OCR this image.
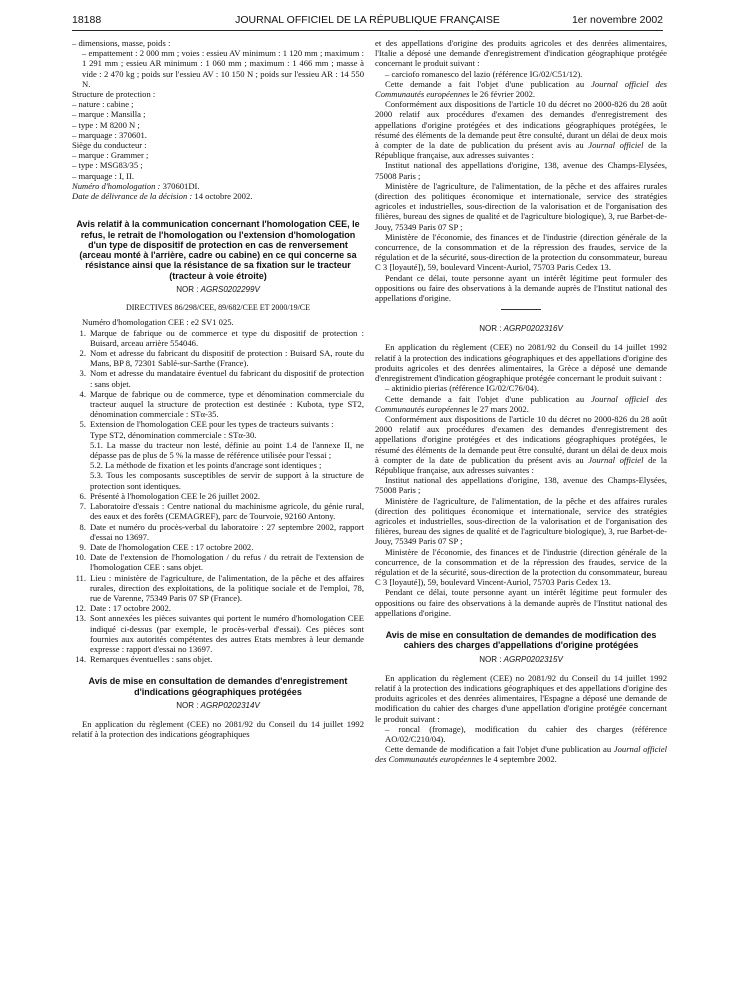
18188	JOURNAL OFFICIEL DE LA RÉPUBLIQUE FRANÇAISE	1er novembre 2002

– dimensions, masse, poids :

– empattement : 2 000 mm ; voies : essieu AV minimum : 1 120 mm ; maximum : 1 291 mm ; essieu AR minimum : 1 060 mm ; maximum : 1 466 mm ; masse à vide : 2 470 kg ; poids sur l'essieu AV : 10 150 N ; poids sur l'essieu AR : 14 550 N.

Structure de protection :

– nature : cabine ;

– marque : Mansilla ;

– type : M 8200 N ;

– marquage : 370601.

Siège du conducteur :

– marque : Grammer ;

– type : MSG83/35 ;

– marquage : I, II.

Numéro d'homologation : 370601DI.

Date de délivrance de la décision : 14 octobre 2002.

Avis relatif à la communication concernant l'homologation CEE, le refus, le retrait de l'homologation ou l'extension d'homologation d'un type de dispositif de protection en cas de renversement (arceau monté à l'arrière, cadre ou cabine) en ce qui concerne sa résistance ainsi que la résistance de sa fixation sur le tracteur (tracteur à voie étroite)

NOR : AGRS0202299V

DIRECTIVES 86/298/CEE, 89/682/CEE ET 2000/19/CE

Numéro d'homologation CEE : e2 SV1 025.

1. Marque de fabrique ou de commerce et type du dispositif de protection : Buisard, arceau arrière 554046.
2. Nom et adresse du fabricant du dispositif de protection : Buisard SA, route du Mans, BP 8, 72301 Sablé-sur-Sarthe (France).
3. Nom et adresse du mandataire éventuel du fabricant du dispositif de protection : sans objet.
4. Marque de fabrique ou de commerce, type et dénomination commerciale du tracteur auquel la structure de protection est destinée : Kubota, type ST2, dénomination commerciale : STα-35.
5. Extension de l'homologation CEE pour les types de tracteurs suivants :

Type ST2, dénomination commerciale : STα-30.

5.1. La masse du tracteur non lesté, définie au point 1.4 de l'annexe II, ne dépasse pas de plus de 5 % la masse de référence utilisée pour l'essai ;

5.2. La méthode de fixation et les points d'ancrage sont identiques ;

5.3. Tous les composants susceptibles de servir de support à la structure de protection sont identiques.

6. Présenté à l'homologation CEE le 26 juillet 2002.
7. Laboratoire d'essais : Centre national du machinisme agricole, du génie rural, des eaux et des forêts (CEMAGREF), parc de Tourvoie, 92160 Antony.
8. Date et numéro du procès-verbal du laboratoire : 27 septembre 2002, rapport d'essai no 13697.
9. Date de l'homologation CEE : 17 octobre 2002.
10. Date de l'extension de l'homologation / du refus / du retrait de l'extension de l'homologation CEE : sans objet.
11. Lieu : ministère de l'agriculture, de l'alimentation, de la pêche et des affaires rurales, direction des exploitations, de la politique sociale et de l'emploi, 78, rue de Varenne, 75349 Paris 07 SP (France).
12. Date : 17 octobre 2002.
13. Sont annexées les pièces suivantes qui portent le numéro d'homologation CEE indiqué ci-dessus (par exemple, le procès-verbal d'essai). Ces pièces sont fournies aux autorités compétentes des autres Etats membres à leur demande expresse : rapport d'essai no 13697.
14. Remarques éventuelles : sans objet.

Avis de mise en consultation de demandes d'enregistrement d'indications géographiques protégées

NOR : AGRP0202314V

En application du règlement (CEE) no 2081/92 du Conseil du 14 juillet 1992 relatif à la protection des indications géographiques

et des appellations d'origine des produits agricoles et des denrées alimentaires, l'Italie a déposé une demande d'enregistrement d'indication géographique protégée concernant le produit suivant :

– carciofo romanesco del lazio (référence IG/02/C51/12).

Cette demande a fait l'objet d'une publication au Journal officiel des Communautés européennes le 26 février 2002.

Conformément aux dispositions de l'article 10 du décret no 2000-826 du 28 août 2000 relatif aux procédures d'examen des demandes d'enregistrement des appellations d'origine protégées et des indications géographiques protégées, le résumé des éléments de la demande peut être consulté, durant un délai de deux mois à compter de la date de publication du présent avis au Journal officiel de la République française, aux adresses suivantes :

Institut national des appellations d'origine, 138, avenue des Champs-Elysées, 75008 Paris ;

Ministère de l'agriculture, de l'alimentation, de la pêche et des affaires rurales (direction des politiques économique et internationale, service des stratégies agricoles et industrielles, sous-direction de la valorisation et de l'organisation des filières, bureau des signes de qualité et de l'agriculture biologique), 3, rue Barbet-de-Jouy, 75349 Paris 07 SP ;

Ministère de l'économie, des finances et de l'industrie (direction générale de la concurrence, de la consommation et de la répression des fraudes, service de la régulation et de la sécurité, sous-direction de la protection du consommateur, bureau C 3 [loyauté]), 59, boulevard Vincent-Auriol, 75703 Paris Cedex 13.

Pendant ce délai, toute personne ayant un intérêt légitime peut formuler des oppositions ou faire des observations à la demande auprès de l'Institut national des appellations d'origine.

NOR : AGRP0202316V

En application du règlement (CEE) no 2081/92 du Conseil du 14 juillet 1992 relatif à la protection des indications géographiques et des appellations d'origine des produits agricoles et des denrées alimentaires, la Grèce a déposé une demande d'enregistrement d'indication géographique protégée concernant le produit suivant :

– aktinidio pierias (référence IG/02/C76/04).

Cette demande a fait l'objet d'une publication au Journal officiel des Communautés européennes le 27 mars 2002.

Conformément aux dispositions de l'article 10 du décret no 2000-826 du 28 août 2000 relatif aux procédures d'examen des demandes d'enregistrement des appellations d'origine protégées et des indications géographiques protégées, le résumé des éléments de la demande peut être consulté, durant un délai de deux mois à compter de la date de publication du présent avis au Journal officiel de la République française, aux adresses suivantes :

Institut national des appellations d'origine, 138, avenue des Champs-Elysées, 75008 Paris ;

Ministère de l'agriculture, de l'alimentation, de la pêche et des affaires rurales (direction des politiques économique et internationale, service des stratégies agricoles et industrielles, sous-direction de la valorisation et de l'organisation des filières, bureau des signes de qualité et de l'agriculture biologique), 3, rue Barbet-de-Jouy, 75349 Paris 07 SP ;

Ministère de l'économie, des finances et de l'industrie (direction générale de la concurrence, de la consommation et de la répression des fraudes, service de la régulation et de la sécurité, sous-direction de la protection du consommateur, bureau C 3 [loyauté]), 59, boulevard Vincent-Auriol, 75703 Paris Cedex 13.

Pendant ce délai, toute personne ayant un intérêt légitime peut formuler des oppositions ou faire des observations à la demande auprès de l'Institut national des appellations d'origine.

Avis de mise en consultation de demandes de modification des cahiers des charges d'appellations d'origine protégées

NOR : AGRP0202315V

En application du règlement (CEE) no 2081/92 du Conseil du 14 juillet 1992 relatif à la protection des indications géographiques et des appellations d'origine des produits agricoles et des denrées alimentaires, l'Espagne a déposé une demande de modification du cahier des charges d'une appellation d'origine protégée concernant le produit suivant :

– roncal (fromage), modification du cahier des charges (référence AO/02/C210/04).

Cette demande de modification a fait l'objet d'une publication au Journal officiel des Communautés européennes le 4 septembre 2002.
